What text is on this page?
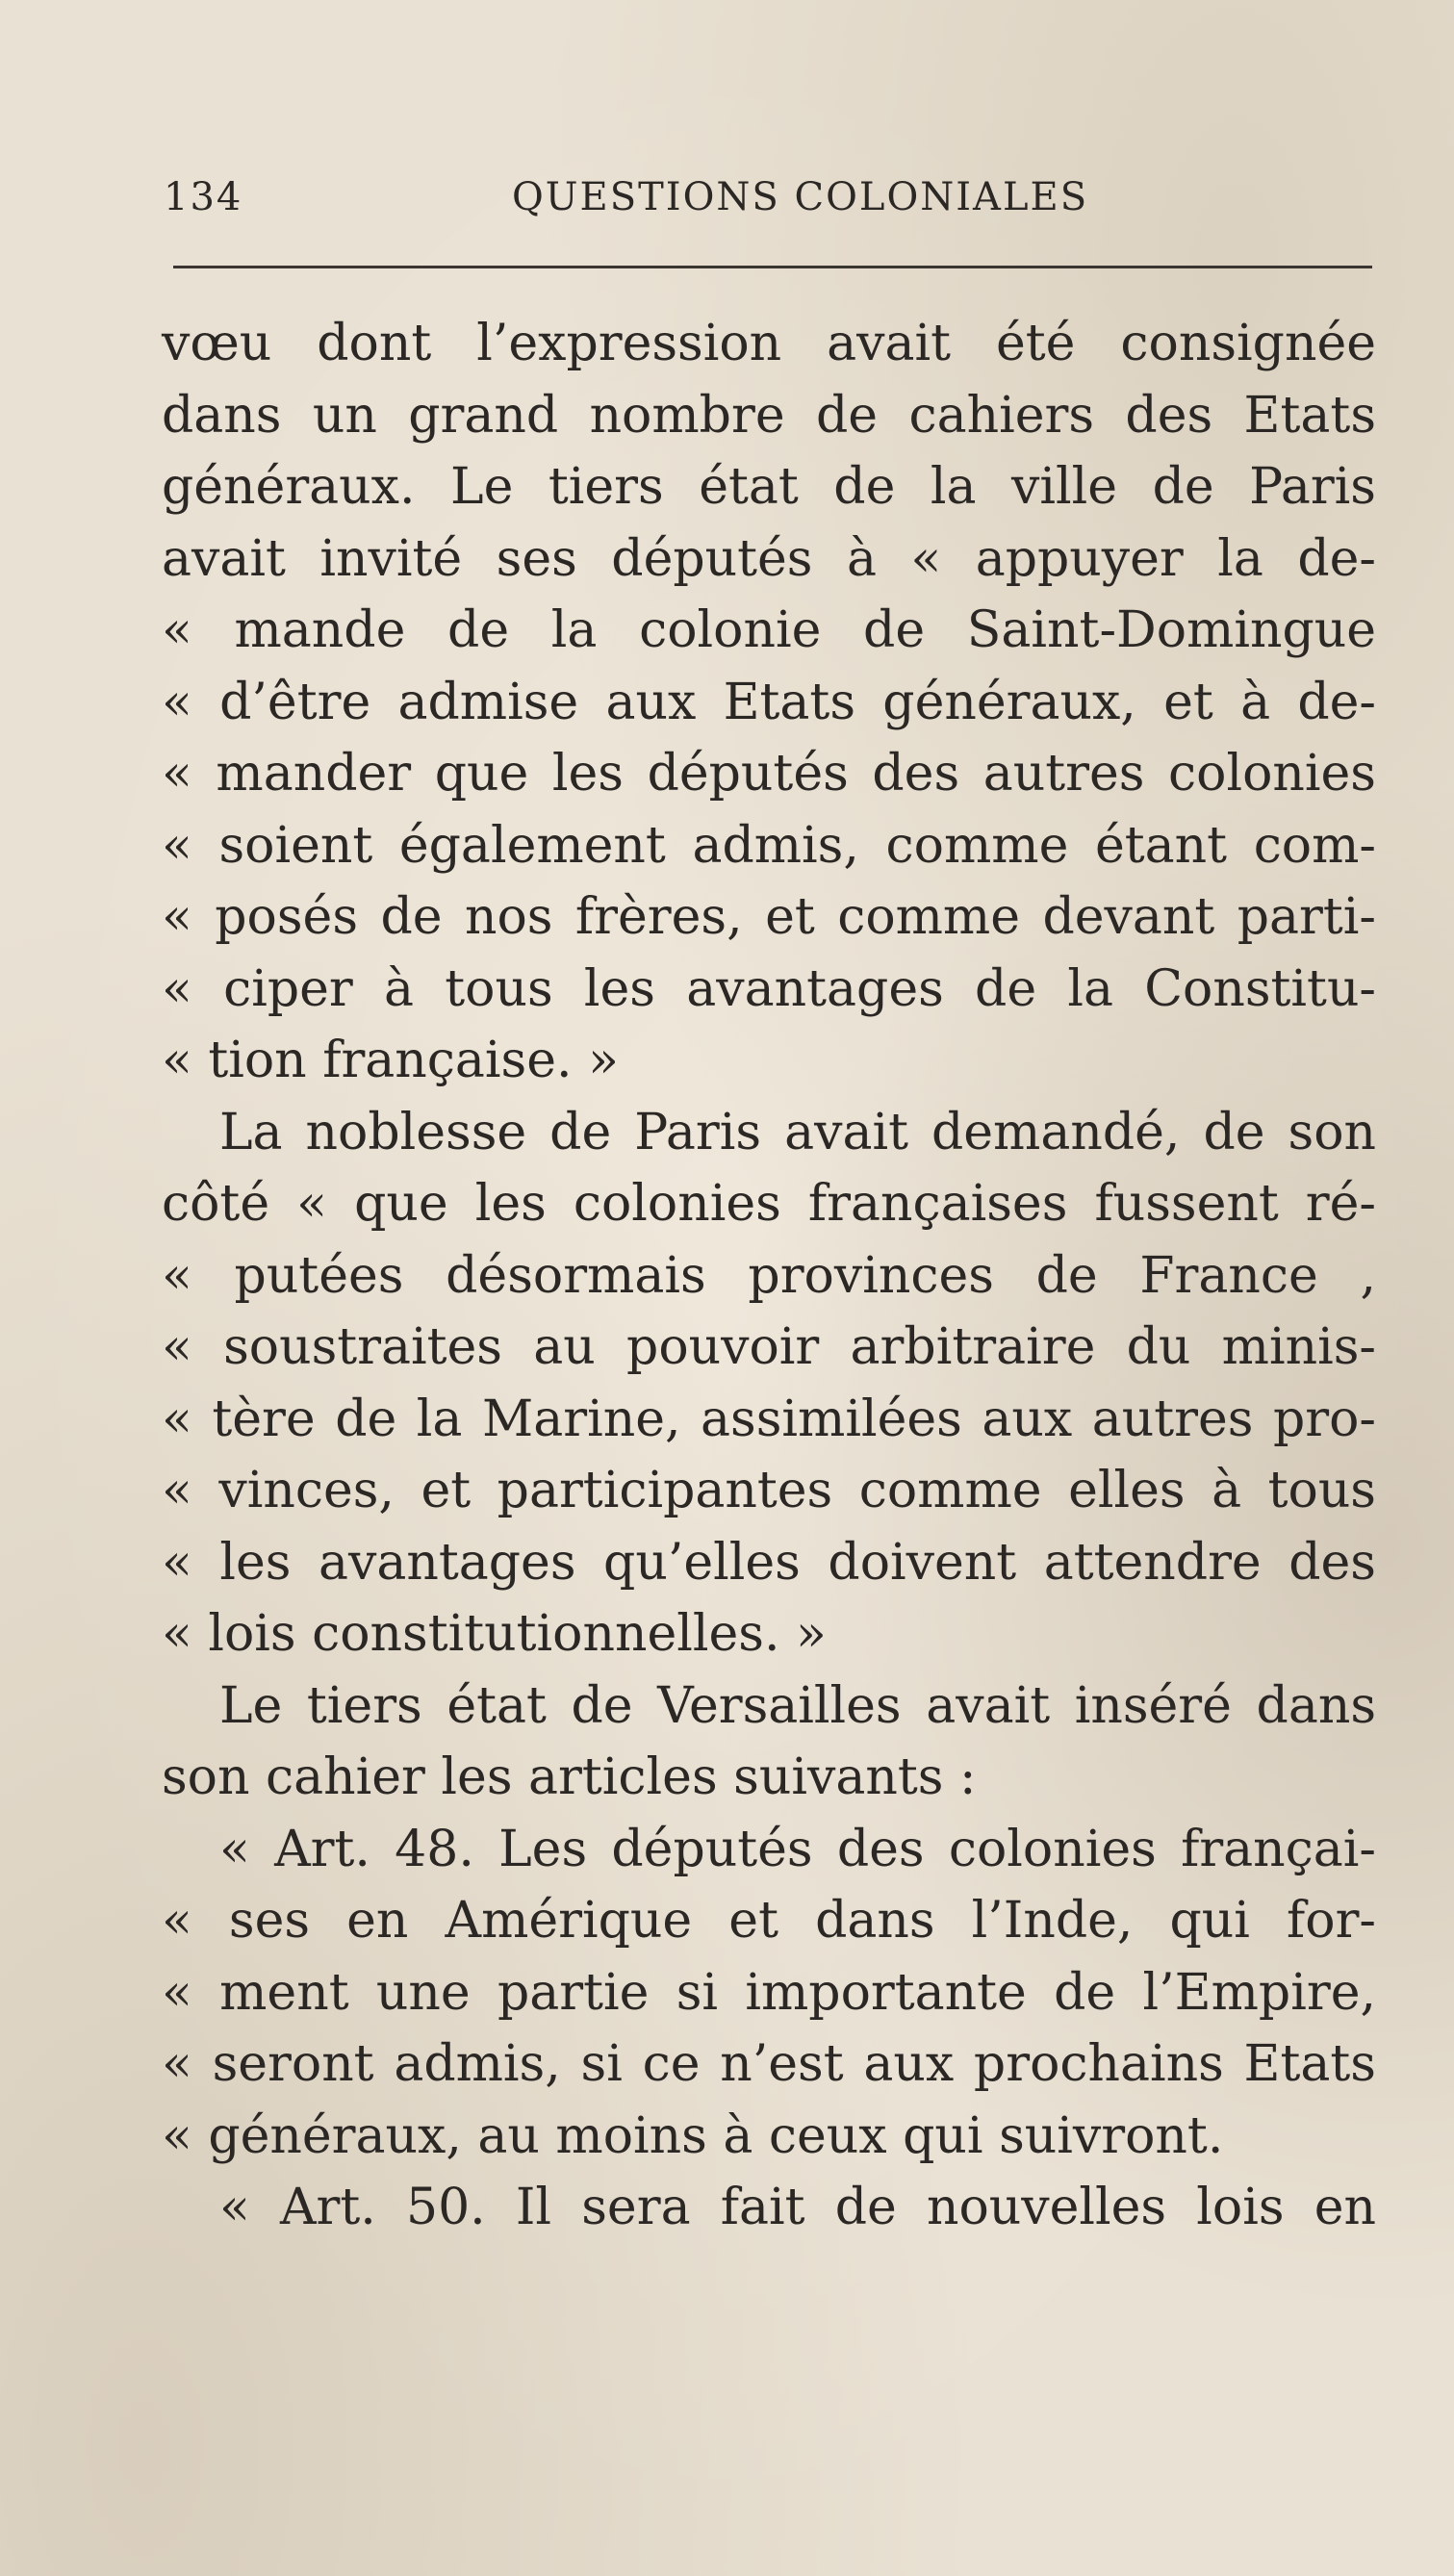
134	QUESTIONS COLONIALES
vœu dont l’expression avait été consignée
dans un grand nombre de cahiers des Etats
généraux. Le tiers état de la ville de Paris
avait invité ses députés à « appuyer la de-
« mande de la colonie de Saint-Domingue
« d’être admise aux Etats généraux, et à de-
« mander que les députés des autres colonies
« soient également admis, comme étant com-
« posés de nos frères, et comme devant parti-
« ciper à tous les avantages de la Constitu-
« tion française. »
La noblesse de Paris avait demandé, de son
côté « que les colonies françaises fussent ré-
« putées désormais provinces de France ,
« soustraites au pouvoir arbitraire du minis-
« tère de la Marine, assimilées aux autres pro-
« vinces, et participantes comme elles à tous
« les avantages qu’elles doivent attendre des
« lois constitutionnelles. »
Le tiers état de Versailles avait inséré dans
son cahier les articles suivants :
« Art. 48. Les députés des colonies françai-
« ses en Amérique et dans l’Inde, qui for-
« ment une partie si importante de l’Empire,
« seront admis, si ce n’est aux prochains Etats
« généraux, au moins à ceux qui suivront.
« Art. 50. Il sera fait de nouvelles lois en
